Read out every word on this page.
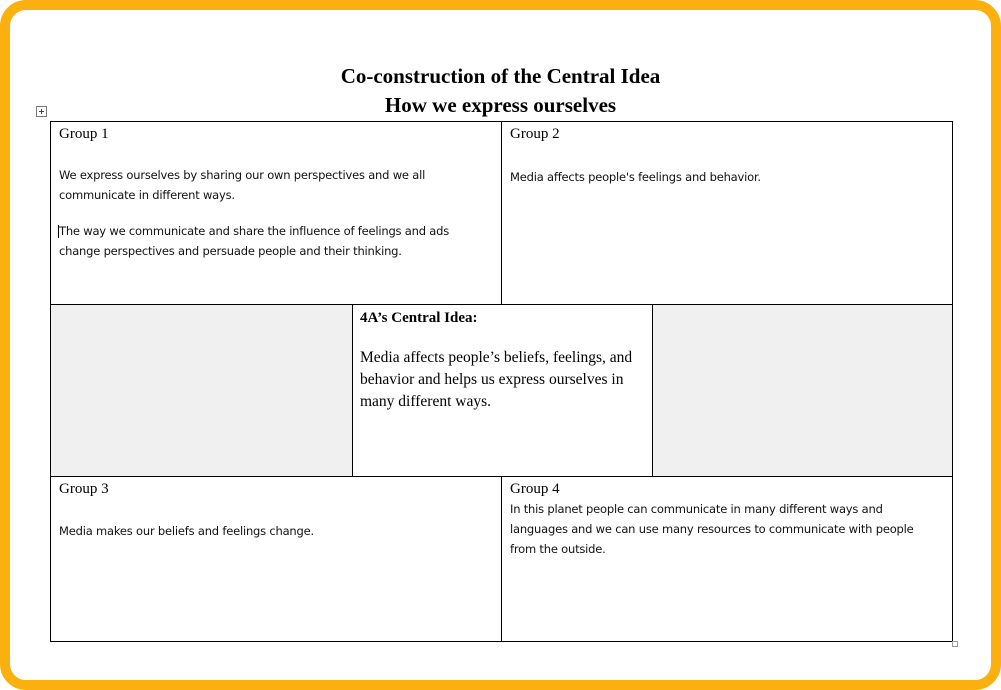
Co-construction of the Central Idea
How we express ourselves

Group 1

We express ourselves by sharing our own perspectives and we all communicate in different ways.

The way we communicate and share the influence of feelings and ads change perspectives and persuade people and their thinking.

Group 2

Media affects people's feelings and behavior.

4A’s Central Idea:

Media affects people’s beliefs, feelings, and behavior and helps us express ourselves in many different ways.

Group 3

Media makes our beliefs and feelings change.

Group 4

In this planet people can communicate in many different ways and languages and we can use many resources to communicate with people from the outside.
